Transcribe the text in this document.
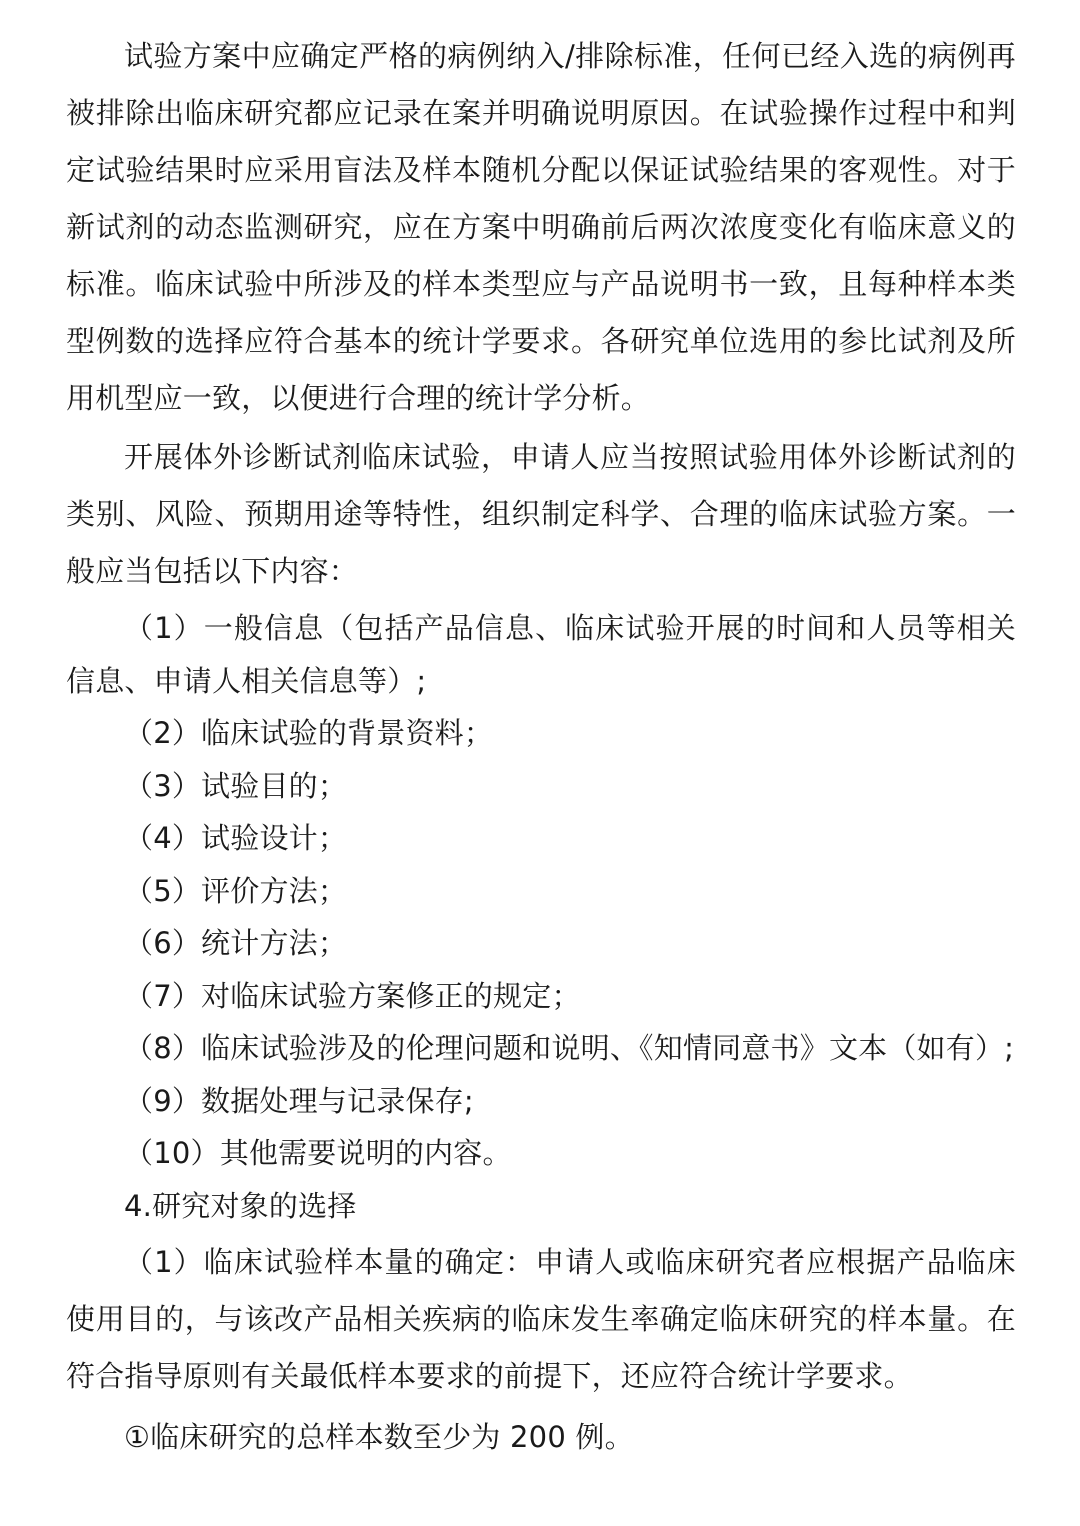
试验方案中应确定严格的病例纳入/排除标准，任何已经入选的病例再被排除出临床研究都应记录在案并明确说明原因。在试验操作过程中和判定试验结果时应采用盲法及样本随机分配以保证试验结果的客观性。对于新试剂的动态监测研究，应在方案中明确前后两次浓度变化有临床意义的标准。临床试验中所涉及的样本类型应与产品说明书一致，且每种样本类型例数的选择应符合基本的统计学要求。各研究单位选用的参比试剂及所用机型应一致，以便进行合理的统计学分析。

开展体外诊断试剂临床试验，申请人应当按照试验用体外诊断试剂的类别、风险、预期用途等特性，组织制定科学、合理的临床试验方案。一般应当包括以下内容：

（1）一般信息（包括产品信息、临床试验开展的时间和人员等相关信息、申请人相关信息等）;

（2）临床试验的背景资料；

（3）试验目的；

（4）试验设计；

（5）评价方法；

（6）统计方法；

（7）对临床试验方案修正的规定；

（8）临床试验涉及的伦理问题和说明、《知情同意书》文本（如有）;

（9）数据处理与记录保存;

（10）其他需要说明的内容。

4.研究对象的选择

（1）临床试验样本量的确定：申请人或临床研究者应根据产品临床使用目的，与该改产品相关疾病的临床发生率确定临床研究的样本量。在符合指导原则有关最低样本要求的前提下，还应符合统计学要求。

①临床研究的总样本数至少为 200 例。
